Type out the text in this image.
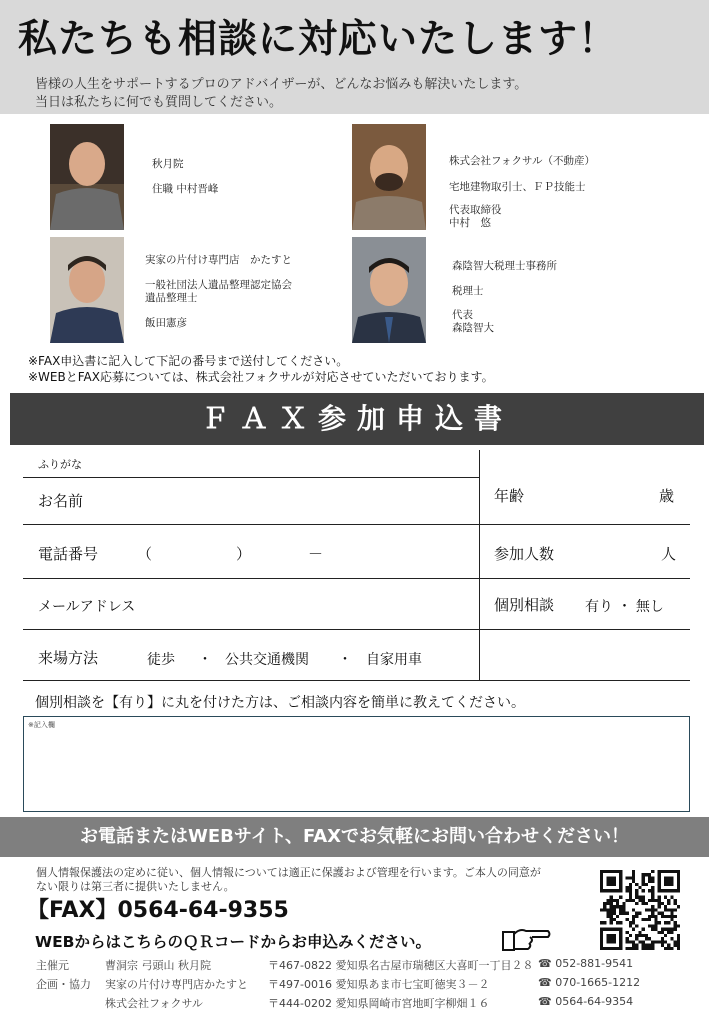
私たちも相談に対応いたします！
皆様の人生をサポートするプロのアドバイザーが、どんなお悩みも解決いたします。
当日は私たちに何でも質問してください。
秋月院
住職 中村晋峰
株式会社フォクサル（不動産）
宅地建物取引士、ＦＰ技能士
代表取締役
中村　悠
実家の片付け専門店　かたすと
一般社団法人遺品整理認定協会
遺品整理士
飯田憲彦
森陰智大税理士事務所
税理士
代表
森陰智大
※FAX申込書に記入して下記の番号まで送付してください。
※WEBとFAX応募については、株式会社フォクサルが対応させていただいております。
ＦＡＸ参加申込書
ふりがな
お名前	年齢	歳
電話番号	（	）	－	参加人数	人
メールアドレス	個別相談 有り ・ 無し
来場方法	徒歩 ・ 公共交通機関 ・ 自家用車
個別相談を【有り】に丸を付けた方は、ご相談内容を簡単に教えてください。
※記入欄
お電話またはWEBサイト、FAXでお気軽にお問い合わせください！
個人情報保護法の定めに従い、個人情報については適正に保護および管理を行います。ご本人の同意が
ない限りは第三者に提供いたしません。
【FAX】0564-64-9355
WEBからはこちらのＱＲコードからお申込みください。
主催元	曹洞宗 弓頭山 秋月院	〒467-0822 愛知県名古屋市瑞穂区大喜町一丁目２８ ☎ 052-881-9541
企画・協力 実家の片付け専門店かたすと 〒497-0016 愛知県あま市七宝町徳実３－２	☎ 070-1665-1212
株式会社フォクサル	〒444-0202 愛知県岡崎市宮地町字柳畑１６	☎ 0564-64-9354
